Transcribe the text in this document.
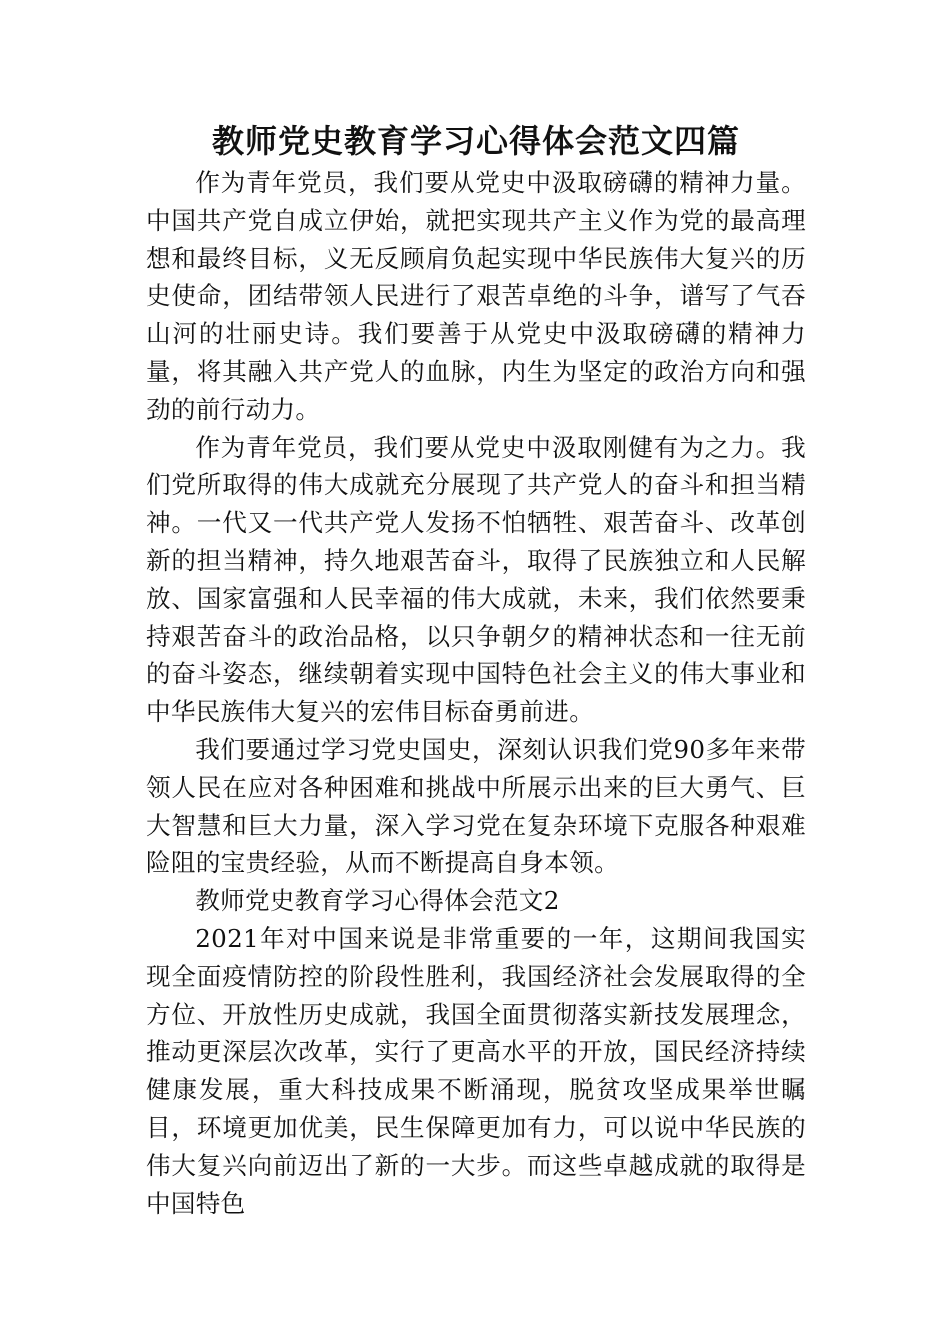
教师党史教育学习心得体会范文四篇

作为青年党员，我们要从党史中汲取磅礴的精神力量。中国共产党自成立伊始，就把实现共产主义作为党的最高理想和最终目标，义无反顾肩负起实现中华民族伟大复兴的历史使命，团结带领人民进行了艰苦卓绝的斗争，谱写了气吞山河的壮丽史诗。我们要善于从党史中汲取磅礴的精神力量，将其融入共产党人的血脉，内生为坚定的政治方向和强劲的前行动力。

作为青年党员，我们要从党史中汲取刚健有为之力。我们党所取得的伟大成就充分展现了共产党人的奋斗和担当精神。一代又一代共产党人发扬不怕牺牲、艰苦奋斗、改革创新的担当精神，持久地艰苦奋斗，取得了民族独立和人民解放、国家富强和人民幸福的伟大成就，未来，我们依然要秉持艰苦奋斗的政治品格，以只争朝夕的精神状态和一往无前的奋斗姿态，继续朝着实现中国特色社会主义的伟大事业和中华民族伟大复兴的宏伟目标奋勇前进。

我们要通过学习党史国史，深刻认识我们党90多年来带领人民在应对各种困难和挑战中所展示出来的巨大勇气、巨大智慧和巨大力量，深入学习党在复杂环境下克服各种艰难险阻的宝贵经验，从而不断提高自身本领。

教师党史教育学习心得体会范文2

2021年对中国来说是非常重要的一年，这期间我国实现全面疫情防控的阶段性胜利，我国经济社会发展取得的全方位、开放性历史成就，我国全面贯彻落实新技发展理念，推动更深层次改革，实行了更高水平的开放，国民经济持续健康发展，重大科技成果不断涌现，脱贫攻坚成果举世瞩目，环境更加优美，民生保障更加有力，可以说中华民族的伟大复兴向前迈出了新的一大步。而这些卓越成就的取得是中国特色
